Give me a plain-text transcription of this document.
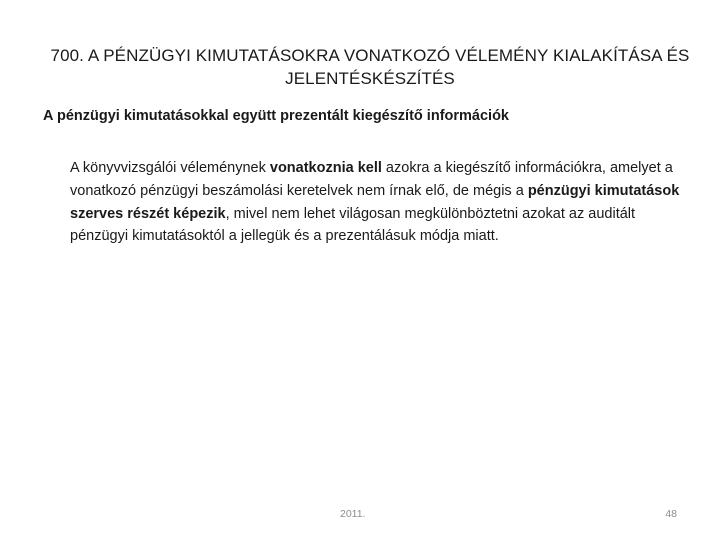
700. A PÉNZÜGYI KIMUTATÁSOKRA VONATKOZÓ VÉLEMÉNY KIALAKÍTÁSA ÉS
JELENTÉSKÉSZÍTÉS
A pénzügyi kimutatásokkal együtt prezentált kiegészítő információk
A könyvvizsgálói véleménynek vonatkoznia kell azokra a kiegészítő információkra, amelyet a vonatkozó pénzügyi beszámolási keretelvek nem írnak elő, de mégis a pénzügyi kimutatások szerves részét képezik, mivel nem lehet világosan megkülönböztetni azokat az auditált pénzügyi kimutatásoktól a jellegük és a prezentálásuk módja miatt.
2011.	48
